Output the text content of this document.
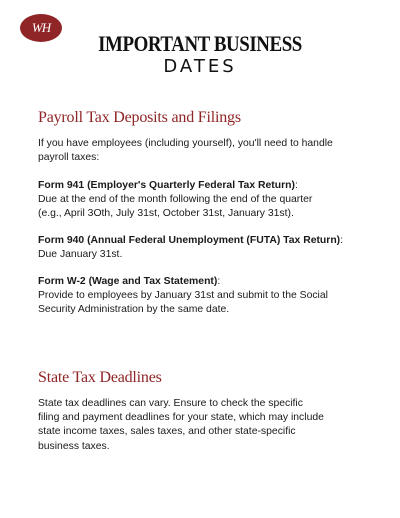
WH
IMPORTANT BUSINESS
DATES
Payroll Tax Deposits and Filings

If you have employees (including yourself), you'll need to handle

payroll taxes:

Form 941 (Employer's Quarterly Federal Tax Return):

Due at the end of the month following the end of the quarter

(e.g., April 3Oth, July 31st, October 31st, January 31st).

Form 940 (Annual Federal Unemployment (FUTA) Tax Return):

Due January 31st.

Form W-2 (Wage and Tax Statement):

Provide to employees by January 31st and submit to the Social

Security Administration by the same date.

State Tax Deadlines

State tax deadlines can vary. Ensure to check the specific

filing and payment deadlines for your state, which may include

state income taxes, sales taxes, and other state-specific

business taxes.
